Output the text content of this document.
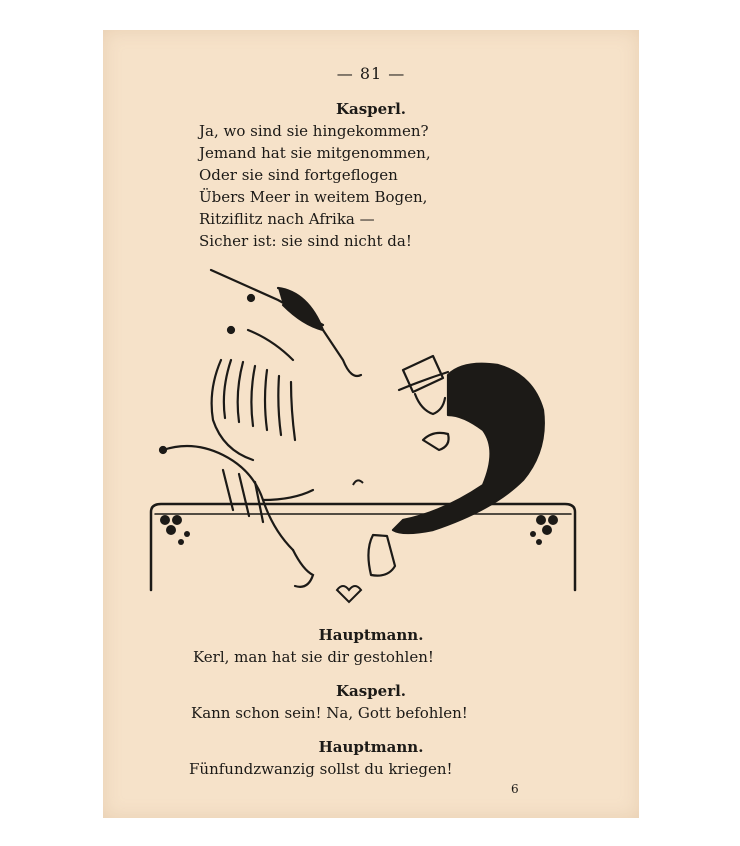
— 81 —
Kasperl.
Ja, wo sind sie hingekommen?
Jemand hat sie mitgenommen,
Oder sie sind fortgeflogen
Übers Meer in weitem Bogen,
Ritziflitz nach Afrika —
Sicher ist: sie sind nicht da!
Hauptmann.
Kerl, man hat sie dir gestohlen!
Kasperl.
Kann schon sein! Na, Gott befohlen!
Hauptmann.
Fünfundzwanzig sollst du kriegen!
6
